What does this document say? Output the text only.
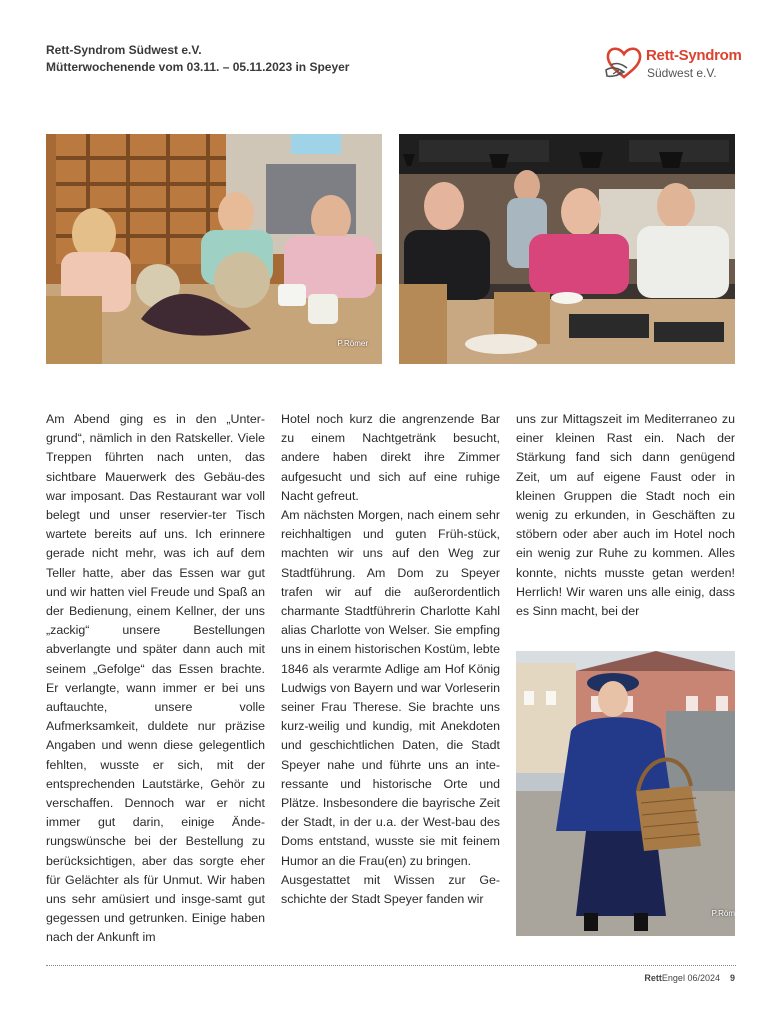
Rett-Syndrom Südwest e.V.
Mütterwochenende vom 03.11. – 05.11.2023 in Speyer
Rett-Syndrom
Südwest e.V.
P.Römer
P.Röm

Am Abend ging es in den „Unter-grund“, nämlich in den Ratskeller. Viele Treppen führten nach unten, das sichtbare Mauerwerk des Gebäu-des war imposant. Das Restaurant war voll belegt und unser reservier-ter Tisch wartete bereits auf uns. Ich erinnere gerade nicht mehr, was ich auf dem Teller hatte, aber das Essen war gut und wir hatten viel Freude und Spaß an der Bedienung, einem Kellner, der uns „zackig“ unsere Bestellungen abverlangte und später dann auch mit seinem „Gefolge“ das Essen brachte. Er verlangte, wann immer er bei uns auftauchte, unsere volle Aufmerksamkeit, duldete nur präzise Angaben und wenn diese gelegentlich fehlten, wusste er sich, mit der entsprechenden Lautstärke, Gehör zu verschaffen. Dennoch war er nicht immer gut darin, einige Ände-rungswünsche bei der Bestellung zu berücksichtigen, aber das sorgte eher für Gelächter als für Unmut. Wir haben uns sehr amüsiert und insge-samt gut gegessen und getrunken. Einige haben nach der Ankunft im

Hotel noch kurz die angrenzende Bar zu einem Nachtgetränk besucht, andere haben direkt ihre Zimmer aufgesucht und sich auf eine ruhige Nacht gefreut.

Am nächsten Morgen, nach einem sehr reichhaltigen und guten Früh-stück, machten wir uns auf den Weg zur Stadtführung. Am Dom zu Speyer trafen wir auf die außerordentlich charmante Stadtführerin Charlotte Kahl alias Charlotte von Welser. Sie empfing uns in einem historischen Kostüm, lebte 1846 als verarmte Adlige am Hof König Ludwigs von Bayern und war Vorleserin seiner Frau Therese. Sie brachte uns kurz-weilig und kundig, mit Anekdoten und geschichtlichen Daten, die Stadt Speyer nahe und führte uns an inte-ressante und historische Orte und Plätze. Insbesondere die bayrische Zeit der Stadt, in der u.a. der West-bau des Doms entstand, wusste sie mit feinem Humor an die Frau(en) zu bringen.

Ausgestattet mit Wissen zur Ge-schichte der Stadt Speyer fanden wir

uns zur Mittagszeit im Mediterraneo zu einer kleinen Rast ein. Nach der Stärkung fand sich dann genügend Zeit, um auf eigene Faust oder in kleinen Gruppen die Stadt noch ein wenig zu erkunden, in Geschäften zu stöbern oder aber auch im Hotel noch ein wenig zur Ruhe zu kommen. Alles konnte, nichts musste getan werden! Herrlich! Wir waren uns alle einig, dass es Sinn macht, bei der

RettEngel 06/2024 9
